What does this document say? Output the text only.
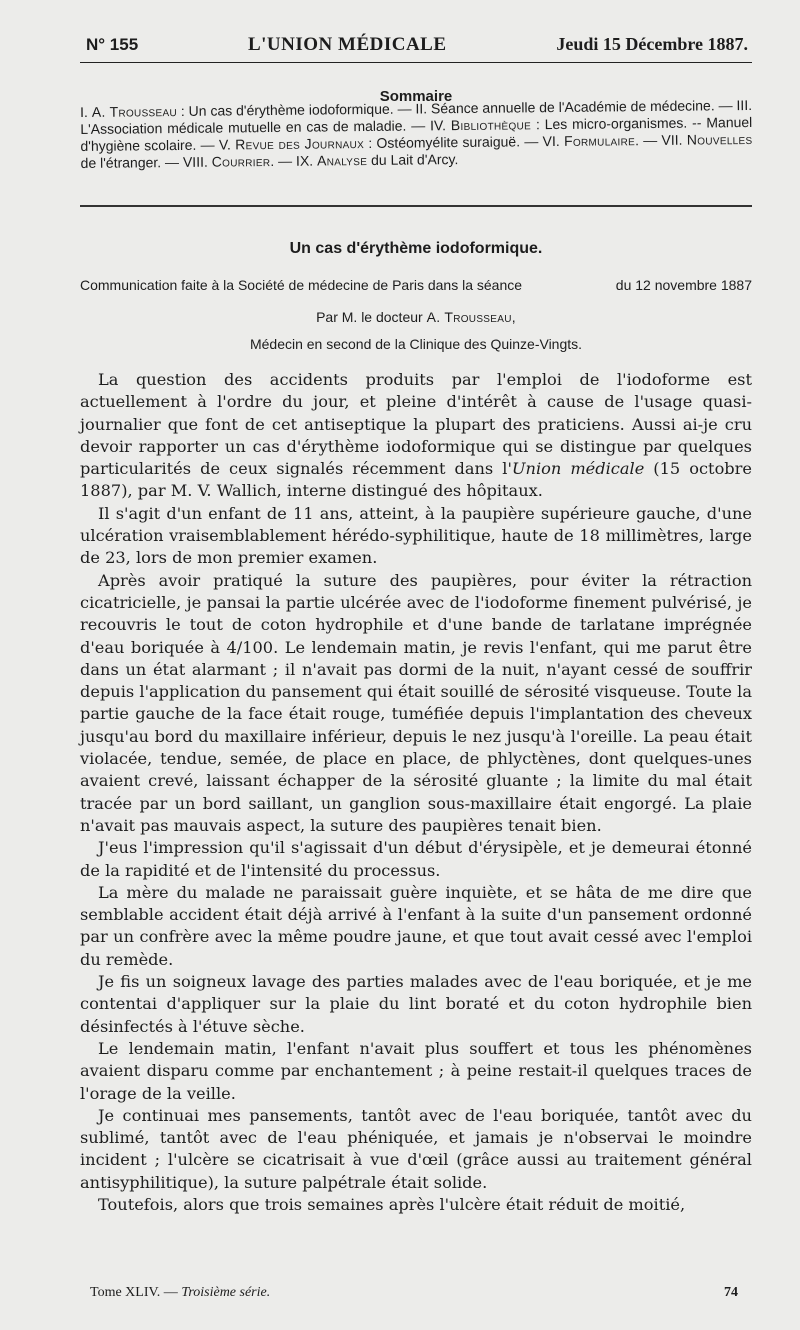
N° 155	L'UNION MÉDICALE	Jeudi 15 Décembre 1887.
Sommaire
I. A. Trousseau : Un cas d'érythème iodoformique. — II. Séance annuelle de l'Académie de médecine. — III. L'Association médicale mutuelle en cas de maladie. — IV. Bibliothèque : Les micro-organismes. -- Manuel d'hygiène scolaire. — V. Revue des Journaux : Ostéomyélite suraiguë. — VI. Formulaire. — VII. Nouvelles de l'étranger. — VIII. Courrier. — IX. Analyse du Lait d'Arcy.
Un cas d'érythème iodoformique.
Communication faite à la Société de médecine de Paris dans la séance	du 12 novembre 1887
Par M. le docteur A. Trousseau,
Médecin en second de la Clinique des Quinze-Vingts.

La question des accidents produits par l'emploi de l'iodoforme est actuellement à l'ordre du jour, et pleine d'intérêt à cause de l'usage quasi-journalier que font de cet antiseptique la plupart des praticiens. Aussi ai-je cru devoir rapporter un cas d'érythème iodoformique qui se distingue par quelques particularités de ceux signalés récemment dans l'Union médicale (15 octobre 1887), par M. V. Wallich, interne distingué des hôpitaux.

Il s'agit d'un enfant de 11 ans, atteint, à la paupière supérieure gauche, d'une ulcération vraisemblablement hérédo-syphilitique, haute de 18 millimètres, large de 23, lors de mon premier examen.

Après avoir pratiqué la suture des paupières, pour éviter la rétraction cicatricielle, je pansai la partie ulcérée avec de l'iodoforme finement pulvérisé, je recouvris le tout de coton hydrophile et d'une bande de tarlatane imprégnée d'eau boriquée à 4/100. Le lendemain matin, je revis l'enfant, qui me parut être dans un état alarmant ; il n'avait pas dormi de la nuit, n'ayant cessé de souffrir depuis l'application du pansement qui était souillé de sérosité visqueuse. Toute la partie gauche de la face était rouge, tuméfiée depuis l'implantation des cheveux jusqu'au bord du maxillaire inférieur, depuis le nez jusqu'à l'oreille. La peau était violacée, tendue, semée, de place en place, de phlyctènes, dont quelques-unes avaient crevé, laissant échapper de la sérosité gluante ; la limite du mal était tracée par un bord saillant, un ganglion sous-maxillaire était engorgé. La plaie n'avait pas mauvais aspect, la suture des paupières tenait bien.

J'eus l'impression qu'il s'agissait d'un début d'érysipèle, et je demeurai étonné de la rapidité et de l'intensité du processus.

La mère du malade ne paraissait guère inquiète, et se hâta de me dire que semblable accident était déjà arrivé à l'enfant à la suite d'un pansement ordonné par un confrère avec la même poudre jaune, et que tout avait cessé avec l'emploi du remède.

Je fis un soigneux lavage des parties malades avec de l'eau boriquée, et je me contentai d'appliquer sur la plaie du lint boraté et du coton hydrophile bien désinfectés à l'étuve sèche.

Le lendemain matin, l'enfant n'avait plus souffert et tous les phénomènes avaient disparu comme par enchantement ; à peine restait-il quelques traces de l'orage de la veille.

Je continuai mes pansements, tantôt avec de l'eau boriquée, tantôt avec du sublimé, tantôt avec de l'eau phéniquée, et jamais je n'observai le moindre incident ; l'ulcère se cicatrisait à vue d'œil (grâce aussi au traitement général antisyphilitique), la suture palpétrale était solide.

Toutefois, alors que trois semaines après l'ulcère était réduit de moitié,

Tome XLIV. — Troisième série.	74
